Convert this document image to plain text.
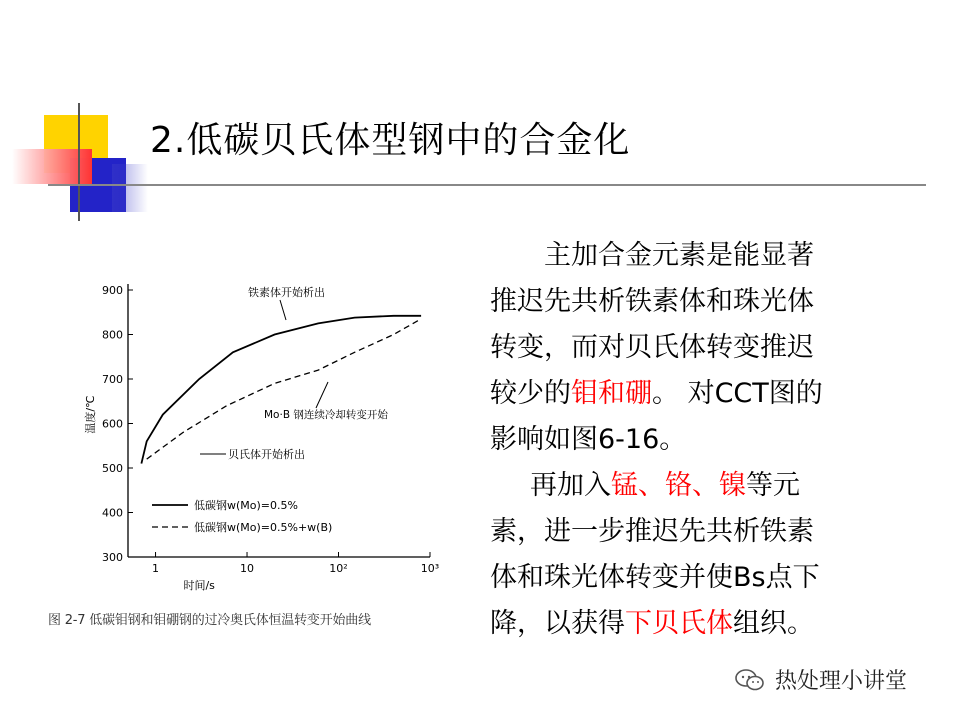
2.低碳贝氏体型钢中的合金化
300
400
500
600
700
800
900
1	10	10²	10³
时间/s
温度/℃
铁素体开始析出
Mo·B 钢连续冷却转变开始
贝氏体开始析出
低碳钢w(Mo)=0.5%
低碳钢w(Mo)=0.5%+w(B)
图 2-7 低碳钼钢和钼硼钢的过冷奥氏体恒温转变开始曲线

主加合金元素是能显著
推迟先共析铁素体和珠光体
转变，而对贝氏体转变推迟
较少的钼和硼。 对CCT图的
影响如图6-16。

再加入锰、铬、镍等元
素，进一步推迟先共析铁素
体和珠光体转变并使Bs点下
降，以获得下贝氏体组织。

热处理小讲堂
